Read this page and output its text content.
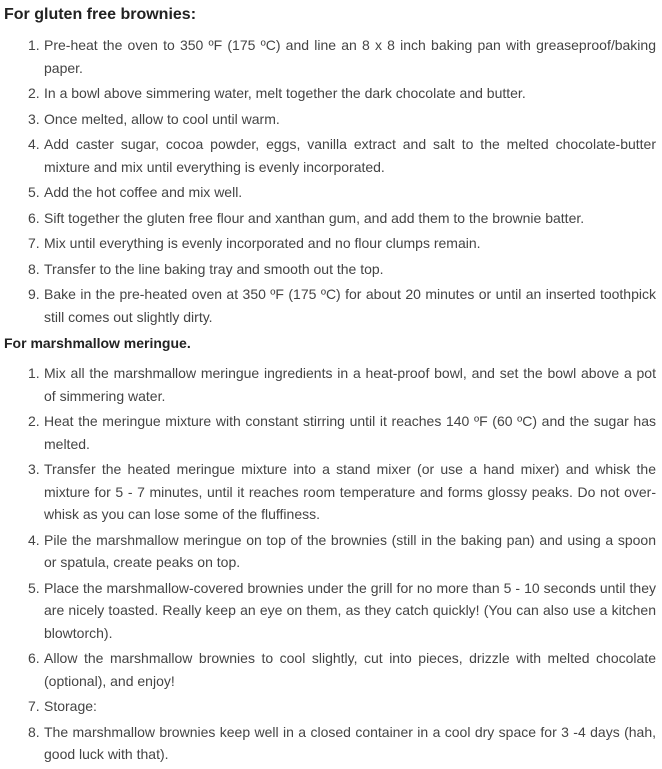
For gluten free brownies:
1. Pre-heat the oven to 350 ºF (175 ºC) and line an 8 x 8 inch baking pan with greaseproof/baking paper.
2. In a bowl above simmering water, melt together the dark chocolate and butter.
3. Once melted, allow to cool until warm.
4. Add caster sugar, cocoa powder, eggs, vanilla extract and salt to the melted chocolate-butter mixture and mix until everything is evenly incorporated.
5. Add the hot coffee and mix well.
6. Sift together the gluten free flour and xanthan gum, and add them to the brownie batter.
7. Mix until everything is evenly incorporated and no flour clumps remain.
8. Transfer to the line baking tray and smooth out the top.
9. Bake in the pre-heated oven at 350 ºF (175 ºC) for about 20 minutes or until an inserted toothpick still comes out slightly dirty.
For marshmallow meringue.
1. Mix all the marshmallow meringue ingredients in a heat-proof bowl, and set the bowl above a pot of simmering water.
2. Heat the meringue mixture with constant stirring until it reaches 140 ºF (60 ºC) and the sugar has melted.
3. Transfer the heated meringue mixture into a stand mixer (or use a hand mixer) and whisk the mixture for 5 - 7 minutes, until it reaches room temperature and forms glossy peaks. Do not over-whisk as you can lose some of the fluffiness.
4. Pile the marshmallow meringue on top of the brownies (still in the baking pan) and using a spoon or spatula, create peaks on top.
5. Place the marshmallow-covered brownies under the grill for no more than 5 - 10 seconds until they are nicely toasted. Really keep an eye on them, as they catch quickly! (You can also use a kitchen blowtorch).
6. Allow the marshmallow brownies to cool slightly, cut into pieces, drizzle with melted chocolate (optional), and enjoy!
7. Storage:
8. The marshmallow brownies keep well in a closed container in a cool dry space for 3 -4 days (hah, good luck with that).
